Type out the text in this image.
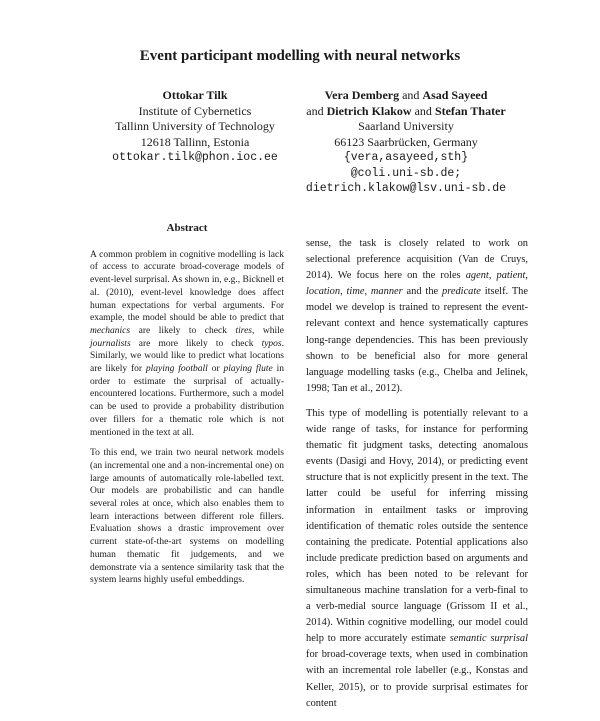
Event participant modelling with neural networks
Ottokar Tilk
Institute of Cybernetics
Tallinn University of Technology
12618 Tallinn, Estonia
ottokar.tilk@phon.ioc.ee
Vera Demberg and Asad Sayeed
and Dietrich Klakow and Stefan Thater
Saarland University
66123 Saarbrücken, Germany
{vera,asayeed,sth}
@coli.uni-sb.de;
dietrich.klakow@lsv.uni-sb.de
Abstract

A common problem in cognitive modelling is lack of access to accurate broad-coverage models of event-level surprisal. As shown in, e.g., Bicknell et al. (2010), event-level knowledge does affect human expectations for verbal arguments. For example, the model should be able to predict that mechanics are likely to check tires, while journalists are more likely to check typos. Similarly, we would like to predict what locations are likely for playing football or playing flute in order to estimate the surprisal of actually-encountered locations. Furthermore, such a model can be used to provide a probability distribution over fillers for a thematic role which is not mentioned in the text at all.

To this end, we train two neural network models (an incremental one and a non-incremental one) on large amounts of automatically role-labelled text. Our models are probabilistic and can handle several roles at once, which also enables them to learn interactions between different role fillers. Evaluation shows a drastic improvement over current state-of-the-art systems on modelling human thematic fit judgements, and we demonstrate via a sentence similarity task that the system learns highly useful embeddings.

sense, the task is closely related to work on selectional preference acquisition (Van de Cruys, 2014). We focus here on the roles agent, patient, location, time, manner and the predicate itself. The model we develop is trained to represent the event-relevant context and hence systematically captures long-range dependencies. This has been previously shown to be beneficial also for more general language modelling tasks (e.g., Chelba and Jelinek, 1998; Tan et al., 2012).

This type of modelling is potentially relevant to a wide range of tasks, for instance for performing thematic fit judgment tasks, detecting anomalous events (Dasigi and Hovy, 2014), or predicting event structure that is not explicitly present in the text. The latter could be useful for inferring missing information in entailment tasks or improving identification of thematic roles outside the sentence containing the predicate. Potential applications also include predicate prediction based on arguments and roles, which has been noted to be relevant for simultaneous machine translation for a verb-final to a verb-medial source language (Grissom II et al., 2014). Within cognitive modelling, our model could help to more accurately estimate semantic surprisal for broad-coverage texts, when used in combination with an incremental role labeller (e.g., Konstas and Keller, 2015), or to provide surprisal estimates for content
